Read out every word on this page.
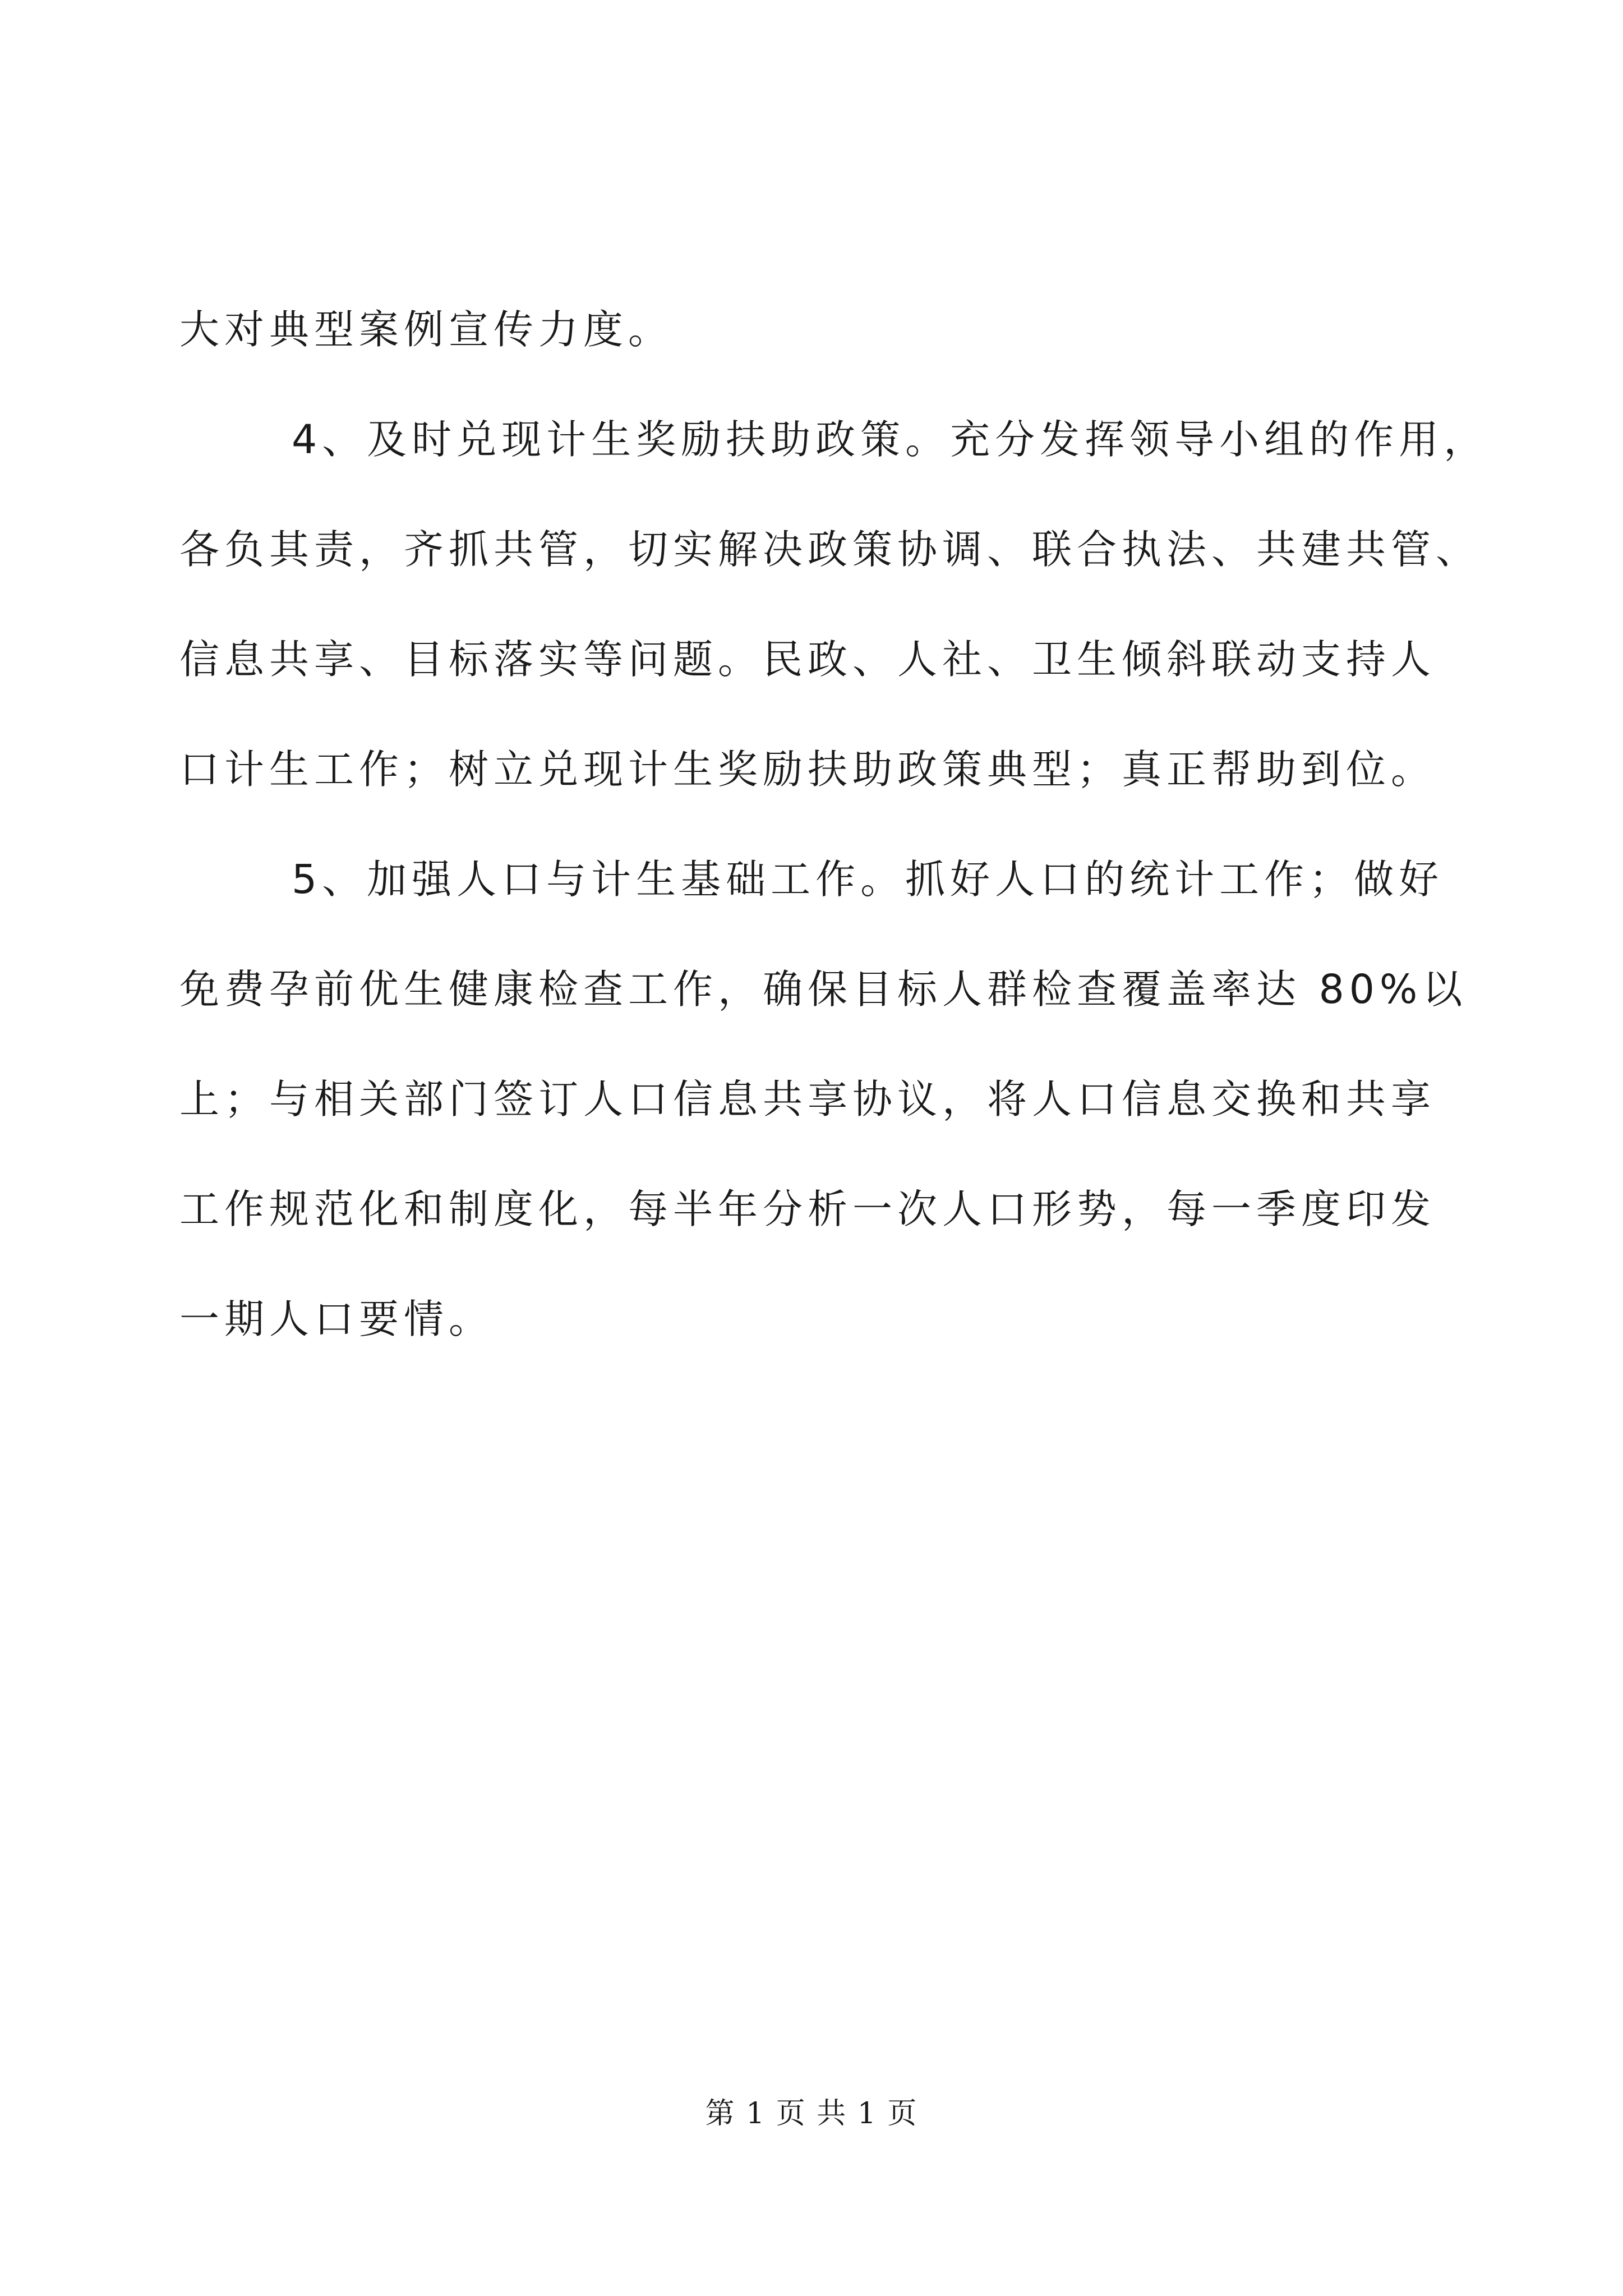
大对典型案例宣传力度。
4、及时兑现计生奖励扶助政策。充分发挥领导小组的作用，
各负其责，齐抓共管，切实解决政策协调、联合执法、共建共管、
信息共享、目标落实等问题。民政、人社、卫生倾斜联动支持人
口计生工作；树立兑现计生奖励扶助政策典型；真正帮助到位。
5、加强人口与计生基础工作。抓好人口的统计工作；做好
免费孕前优生健康检查工作，确保目标人群检查覆盖率达 80%以
上；与相关部门签订人口信息共享协议，将人口信息交换和共享
工作规范化和制度化，每半年分析一次人口形势，每一季度印发
一期人口要情。
第 1 页 共 1 页
